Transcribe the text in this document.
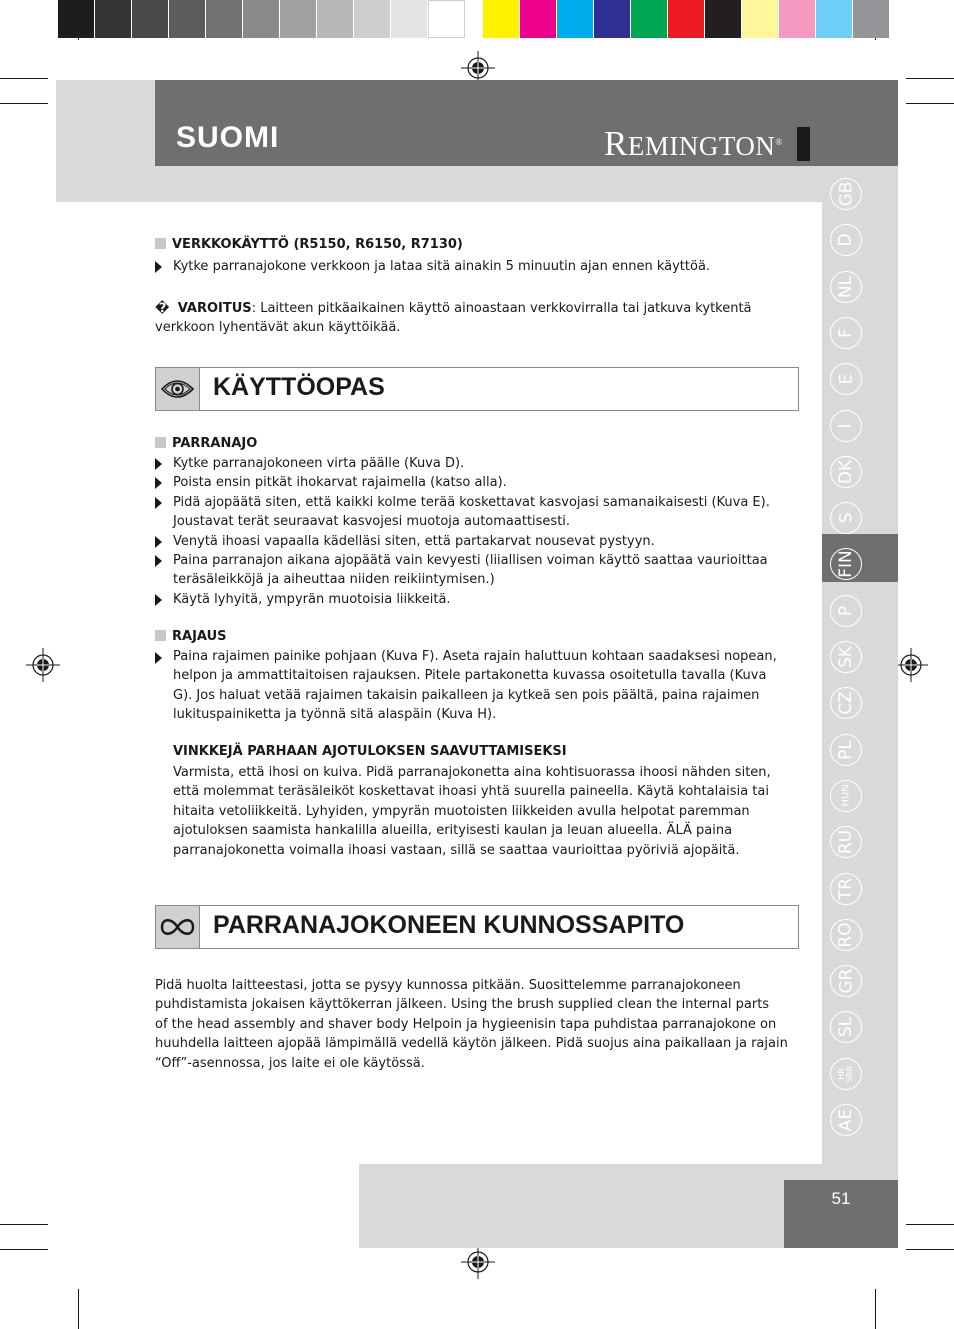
SUOMI	REMINGTON®
GB
D
NL
F
E
I
DK
S
FIN
P
SK
CZ
PL
HUN
RU
TR
RO
GR
SL
HR
SRB
AE
VERKKOKÄYTTÖ (R5150, R6150, R7130)
Kytke parranajokone verkkoon ja lataa sitä ainakin 5 minuutin ajan ennen käyttöä.
� VAROITUS: Laitteen pitkäaikainen käyttö ainoastaan verkkovirralla tai jatkuva kytkentä
verkkoon lyhentävät akun käyttöikää.
KÄYTTÖOPAS
PARRANAJO
Kytke parranajokoneen virta päälle (Kuva D).
Poista ensin pitkät ihokarvat rajaimella (katso alla).
Pidä ajopäätä siten, että kaikki kolme terää koskettavat kasvojasi samanaikaisesti (Kuva E).
Joustavat terät seuraavat kasvojesi muotoja automaattisesti.
Venytä ihoasi vapaalla kädelläsi siten, että partakarvat nousevat pystyyn.
Paina parranajon aikana ajopäätä vain kevyesti (liiallisen voiman käyttö saattaa vaurioittaa
teräsäleikköjä ja aiheuttaa niiden reikiintymisen.)
Käytä lyhyitä, ympyrän muotoisia liikkeitä.
RAJAUS
Paina rajaimen painike pohjaan (Kuva F). Aseta rajain haluttuun kohtaan saadaksesi nopean,
helpon ja ammattitaitoisen rajauksen. Pitele partakonetta kuvassa osoitetulla tavalla (Kuva
G). Jos haluat vetää rajaimen takaisin paikalleen ja kytkeä sen pois päältä, paina rajaimen
lukituspainiketta ja työnnä sitä alaspäin (Kuva H).
VINKKEJÄ PARHAAN AJOTULOKSEN SAAVUTTAMISEKSI
Varmista, että ihosi on kuiva. Pidä parranajokonetta aina kohtisuorassa ihoosi nähden siten,
että molemmat teräsäleiköt koskettavat ihoasi yhtä suurella paineella. Käytä kohtalaisia tai
hitaita vetoliikkeitä. Lyhyiden, ympyrän muotoisten liikkeiden avulla helpotat paremman
ajotuloksen saamista hankalilla alueilla, erityisesti kaulan ja leuan alueella. ÄLÄ paina
parranajokonetta voimalla ihoasi vastaan, sillä se saattaa vaurioittaa pyöriviä ajopäitä.
PARRANAJOKONEEN KUNNOSSAPITO
Pidä huolta laitteestasi, jotta se pysyy kunnossa pitkään. Suosittelemme parranajokoneen
puhdistamista jokaisen käyttökerran jälkeen. Using the brush supplied clean the internal parts
of the head assembly and shaver body Helpoin ja hygieenisin tapa puhdistaa parranajokone on
huuhdella laitteen ajopää lämpimällä vedellä käytön jälkeen. Pidä suojus aina paikallaan ja rajain
“Off”-asennossa, jos laite ei ole käytössä.
51
